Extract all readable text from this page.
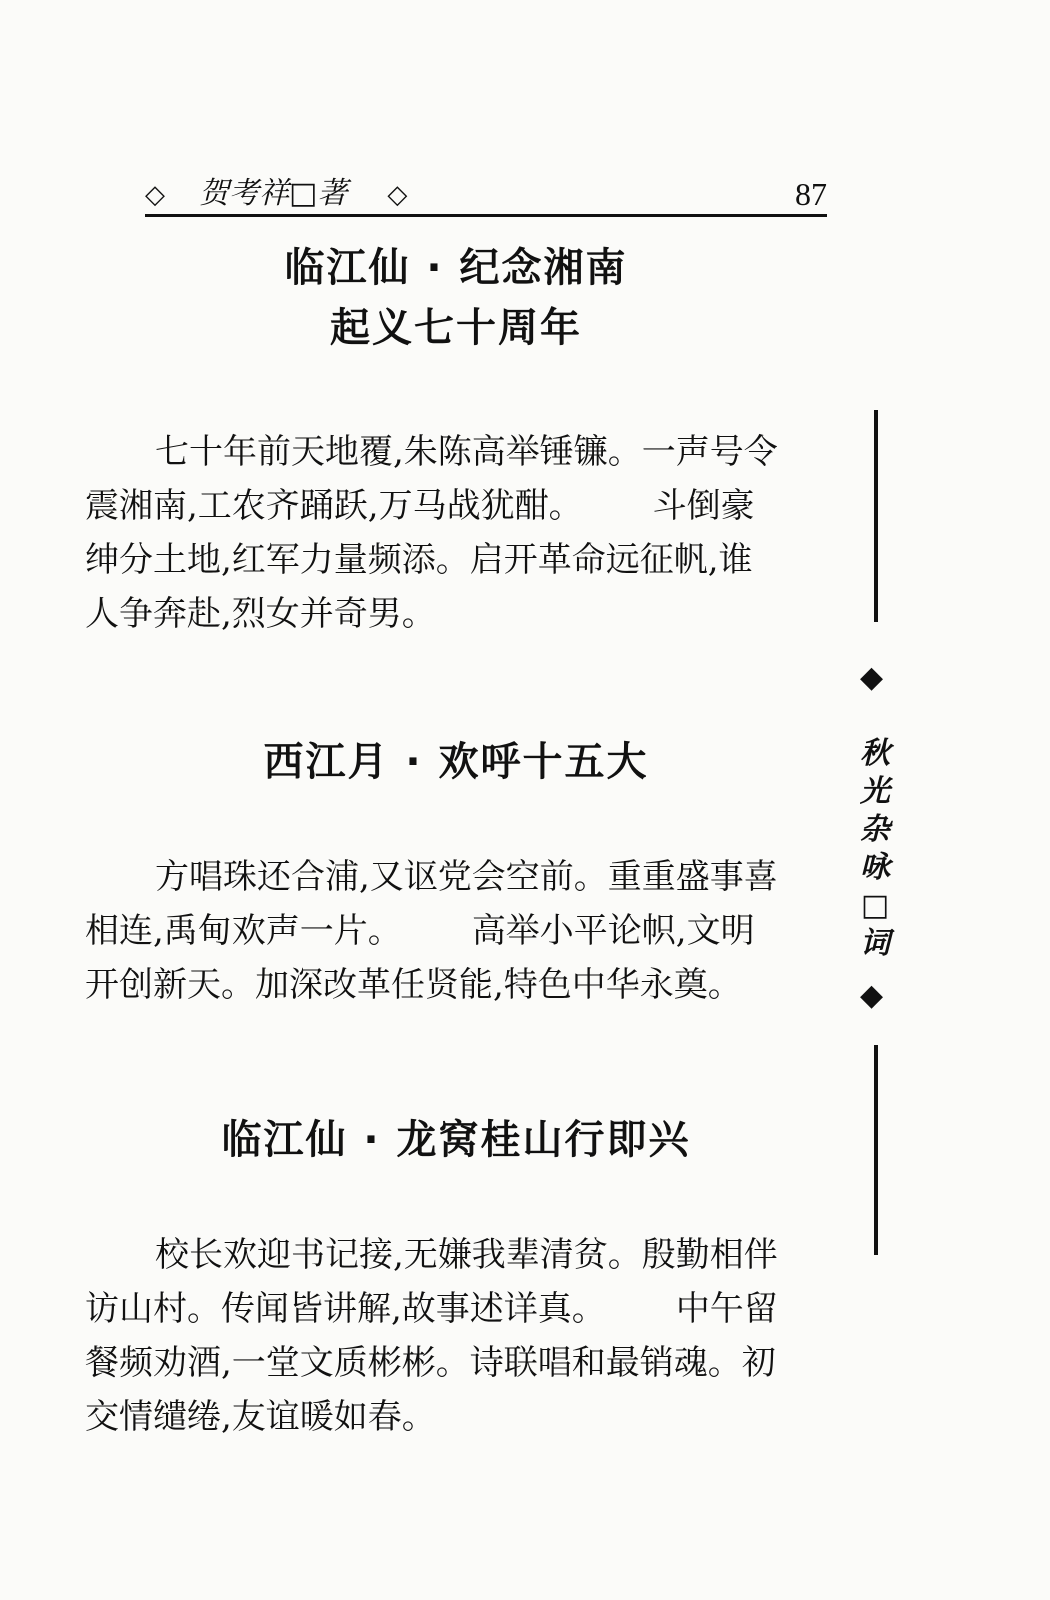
◇ 贺考祥□著 ◇	87
临江仙 · 纪念湘南
起义七十周年
七十年前天地覆,朱陈高举锤镰。一声号令
震湘南,工农齐踊跃,万马战犹酣。 斗倒豪
绅分土地,红军力量频添。启开革命远征帆,谁
人争奔赴,烈女并奇男。
西江月 · 欢呼十五大
方唱珠还合浦,又讴党会空前。重重盛事喜
相连,禹甸欢声一片。 高举小平论帜,文明
开创新天。加深改革任贤能,特色中华永奠。
临江仙 · 龙窝桂山行即兴
校长欢迎书记接,无嫌我辈清贫。殷勤相伴
访山村。传闻皆讲解,故事述详真。 中午留
餐频劝酒,一堂文质彬彬。诗联唱和最销魂。初
交情缱绻,友谊暖如春。
◆
秋
光
杂
咏
□
词
◆
